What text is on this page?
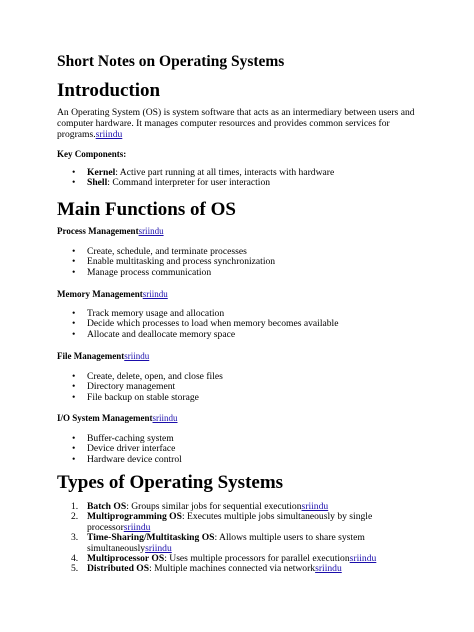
Short Notes on Operating Systems
Introduction

An Operating System (OS) is system software that acts as an intermediary between users and computer hardware. It manages computer resources and provides common services for programs.sriindu

Key Components:

• Kernel: Active part running at all times, interacts with hardware
• Shell: Command interpreter for user interaction
Main Functions of OS

Process Managementsriindu

• Create, schedule, and terminate processes
• Enable multitasking and process synchronization
• Manage process communication

Memory Managementsriindu

• Track memory usage and allocation
• Decide which processes to load when memory becomes available
• Allocate and deallocate memory space

File Managementsriindu

• Create, delete, open, and close files
• Directory management
• File backup on stable storage

I/O System Managementsriindu

• Buffer-caching system
• Device driver interface
• Hardware device control
Types of Operating Systems
1. Batch OS: Groups similar jobs for sequential executionsriindu
2. Multiprogramming OS: Executes multiple jobs simultaneously by single processorsriindu
3. Time-Sharing/Multitasking OS: Allows multiple users to share system simultaneouslysriindu
4. Multiprocessor OS: Uses multiple processors for parallel executionsriindu
5. Distributed OS: Multiple machines connected via networksriindu
